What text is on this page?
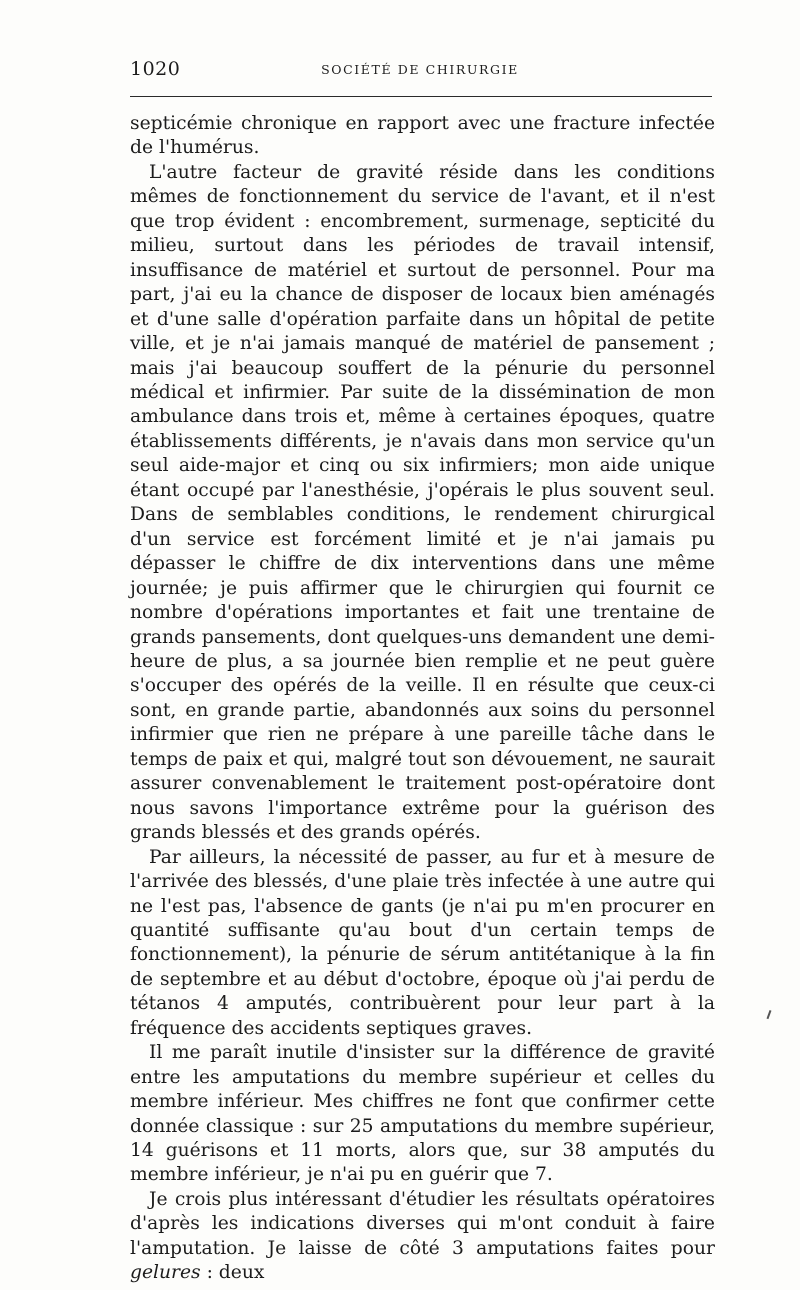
1020	SOCIÉTÉ DE CHIRURGIE

septicémie chronique en rapport avec une fracture infectée de l'humérus.

L'autre facteur de gravité réside dans les conditions mêmes de fonctionnement du service de l'avant, et il n'est que trop évident : encombrement, surmenage, septicité du milieu, surtout dans les périodes de travail intensif, insuffisance de matériel et surtout de personnel. Pour ma part, j'ai eu la chance de disposer de locaux bien aménagés et d'une salle d'opération parfaite dans un hôpital de petite ville, et je n'ai jamais manqué de matériel de pansement ; mais j'ai beaucoup souffert de la pénurie du personnel médical et infirmier. Par suite de la dissémination de mon ambulance dans trois et, même à certaines époques, quatre établissements différents, je n'avais dans mon service qu'un seul aide-major et cinq ou six infirmiers; mon aide unique étant occupé par l'anesthésie, j'opérais le plus souvent seul. Dans de semblables conditions, le rendement chirurgical d'un service est forcément limité et je n'ai jamais pu dépasser le chiffre de dix interventions dans une même journée; je puis affirmer que le chirurgien qui fournit ce nombre d'opérations importantes et fait une trentaine de grands pansements, dont quelques-uns demandent une demi-heure de plus, a sa journée bien remplie et ne peut guère s'occuper des opérés de la veille. Il en résulte que ceux-ci sont, en grande partie, abandonnés aux soins du personnel infirmier que rien ne prépare à une pareille tâche dans le temps de paix et qui, malgré tout son dévouement, ne saurait assurer convenablement le traitement post-opératoire dont nous savons l'importance extrême pour la guérison des grands blessés et des grands opérés.

Par ailleurs, la nécessité de passer, au fur et à mesure de l'arrivée des blessés, d'une plaie très infectée à une autre qui ne l'est pas, l'absence de gants (je n'ai pu m'en procurer en quantité suffisante qu'au bout d'un certain temps de fonctionnement), la pénurie de sérum antitétanique à la fin de septembre et au début d'octobre, époque où j'ai perdu de tétanos 4 amputés, contribuèrent pour leur part à la fréquence des accidents septiques graves.

Il me paraît inutile d'insister sur la différence de gravité entre les amputations du membre supérieur et celles du membre inférieur. Mes chiffres ne font que confirmer cette donnée classique : sur 25 amputations du membre supérieur, 14 guérisons et 11 morts, alors que, sur 38 amputés du membre inférieur, je n'ai pu en guérir que 7.

Je crois plus intéressant d'étudier les résultats opératoires d'après les indications diverses qui m'ont conduit à faire l'amputation. Je laisse de côté 3 amputations faites pour gelures : deux
